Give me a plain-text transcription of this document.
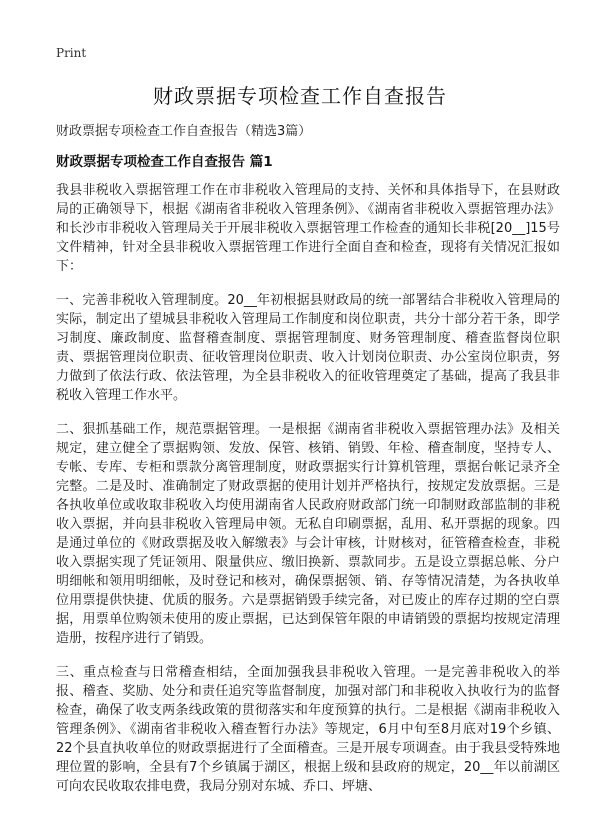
Print

财政票据专项检查工作自查报告

财政票据专项检查工作自查报告（精选3篇）

财政票据专项检查工作自查报告 篇1

我县非税收入票据管理工作在市非税收入管理局的支持、关怀和具体指导下，在县财政局的正确领导下，根据《湖南省非税收入管理条例》、《湖南省非税收入票据管理办法》和长沙市非税收入管理局关于开展非税收入票据管理工作检查的通知长非税[20__]15号文件精神，针对全县非税收入票据管理工作进行全面自查和检查，现将有关情况汇报如下：

一、完善非税收入管理制度。20__年初根据县财政局的统一部署结合非税收入管理局的实际，制定出了望城县非税收入管理局工作制度和岗位职责，共分十部分若干条，即学习制度、廉政制度、监督稽查制度、票据管理制度、财务管理制度、稽查监督岗位职责、票据管理岗位职责、征收管理岗位职责、收入计划岗位职责、办公室岗位职责，努力做到了依法行政、依法管理，为全县非税收入的征收管理奠定了基础，提高了我县非税收入管理工作水平。

二、狠抓基础工作，规范票据管理。一是根据《湖南省非税收入票据管理办法》及相关规定，建立健全了票据购领、发放、保管、核销、销毁、年检、稽查制度，坚持专人、专帐、专库、专柜和票款分离管理制度，财政票据实行计算机管理，票据台帐记录齐全完整。二是及时、准确制定了财政票据的使用计划并严格执行，按规定发放票据。三是各执收单位或收取非税收入均使用湖南省人民政府财政部门统一印制财政部监制的非税收入票据，并向县非税收入管理局申领。无私自印刷票据，乱用、私开票据的现象。四是通过单位的《财政票据及收入解缴表》与会计审核，计财核对，征管稽查检查，非税收入票据实现了凭证领用、限量供应、缴旧换新、票款同步。五是设立票据总帐、分户明细帐和领用明细帐，及时登记和核对，确保票据领、销、存等情况清楚，为各执收单位用票提供快捷、优质的服务。六是票据销毁手续完备，对已废止的库存过期的空白票据，用票单位购领未使用的废止票据，已达到保管年限的申请销毁的票据均按规定清理造册，按程序进行了销毁。

三、重点检查与日常稽查相结，全面加强我县非税收入管理。一是完善非税收入的举报、稽查、奖励、处分和责任追究等监督制度，加强对部门和非税收入执收行为的监督检查，确保了收支两条线政策的贯彻落实和年度预算的执行。二是根据《湖南非税收入管理条例》、《湖南省非税收入稽查暂行办法》等规定，6月中旬至8月底对19个乡镇、22个县直执收单位的财政票据进行了全面稽查。三是开展专项调查。由于我县受特殊地理位置的影响，全县有7个乡镇属于湖区，根据上级和县政府的规定，20__年以前湖区可向农民收取农排电费，我局分别对东城、乔口、坪塘、
